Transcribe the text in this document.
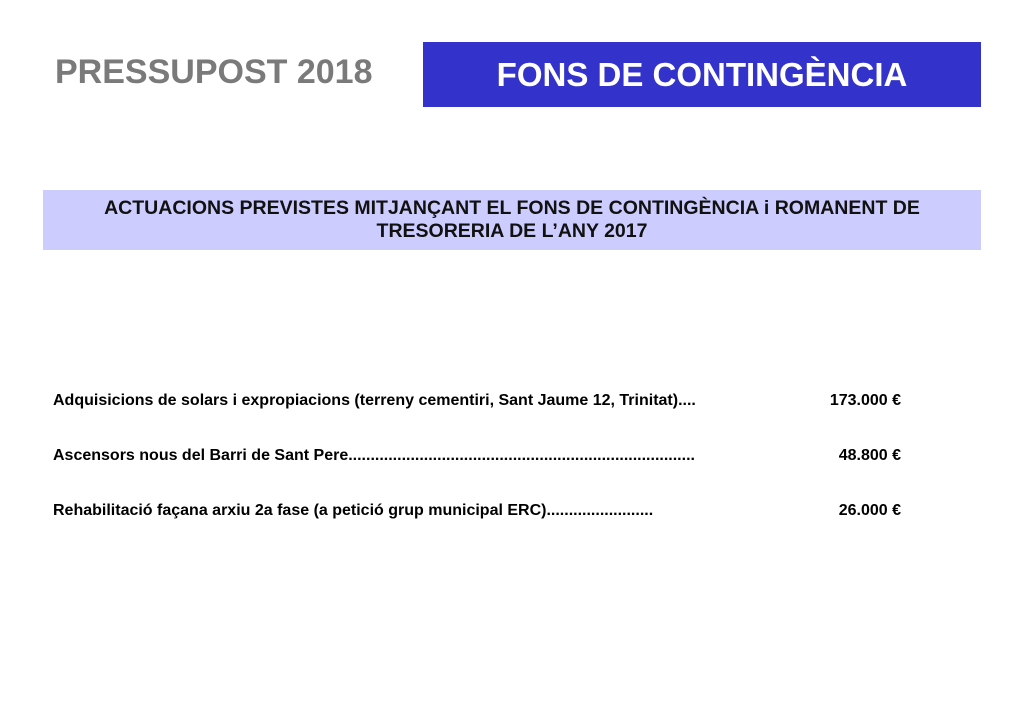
PRESSUPOST 2018	FONS DE CONTINGÈNCIA
ACTUACIONS PREVISTES MITJANÇANT EL FONS DE CONTINGÈNCIA i ROMANENT DE TRESORERIA DE L’ANY 2017
Adquisicions de solars i expropiacions (terreny cementiri, Sant Jaume 12, Trinitat)....	173.000 €
Ascensors nous del Barri de Sant Pere..............................................................................	48.800 €
Rehabilitació façana arxiu 2a fase (a petició grup municipal ERC)........................	26.000 €
